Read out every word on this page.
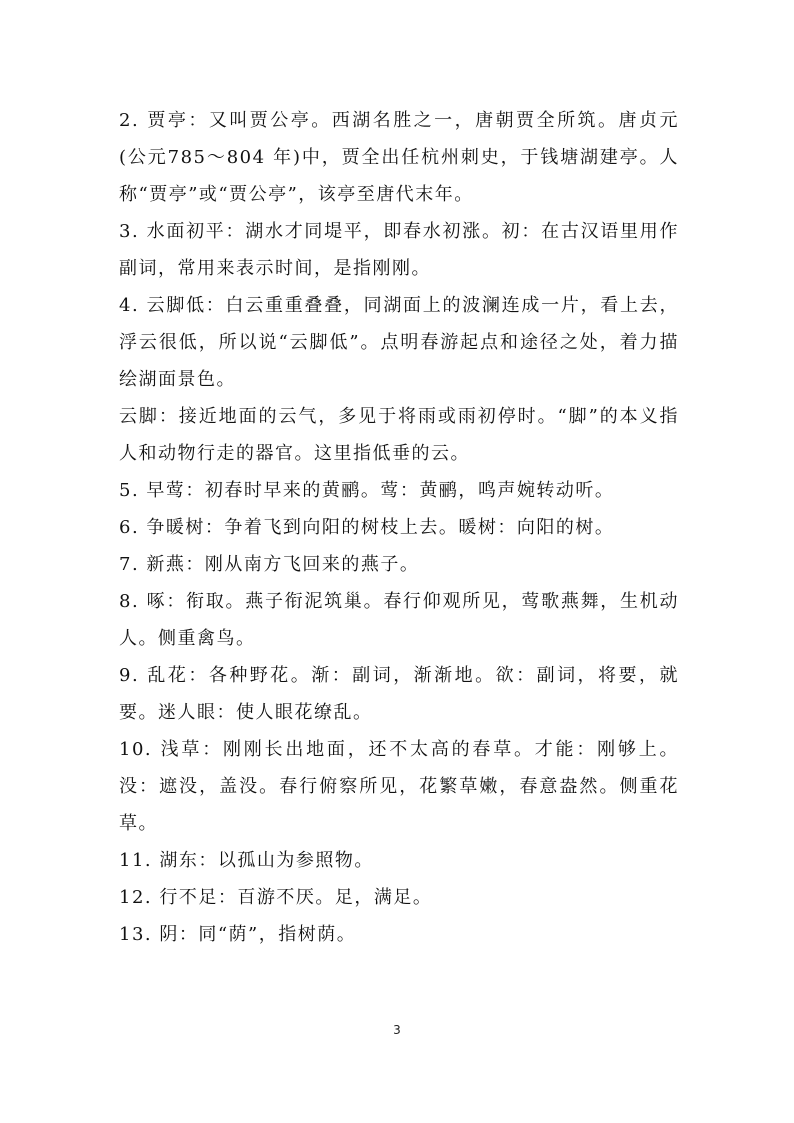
2. 贾亭：又叫贾公亭。西湖名胜之一，唐朝贾全所筑。唐贞元(公元785～804 年)中，贾全出任杭州刺史，于钱塘湖建亭。人称“贾亭”或“贾公亭”，该亭至唐代末年。

3. 水面初平：湖水才同堤平，即春水初涨。初：在古汉语里用作副词，常用来表示时间，是指刚刚。

4. 云脚低：白云重重叠叠，同湖面上的波澜连成一片，看上去，浮云很低，所以说“云脚低”。点明春游起点和途径之处，着力描绘湖面景色。

云脚：接近地面的云气，多见于将雨或雨初停时。“脚”的本义指人和动物行走的器官。这里指低垂的云。

5. 早莺：初春时早来的黄鹂。莺：黄鹂，鸣声婉转动听。

6. 争暖树：争着飞到向阳的树枝上去。暖树：向阳的树。

7. 新燕：刚从南方飞回来的燕子。

8. 啄：衔取。燕子衔泥筑巢。春行仰观所见，莺歌燕舞，生机动人。侧重禽鸟。

9. 乱花：各种野花。渐：副词，渐渐地。欲：副词，将要，就要。迷人眼：使人眼花缭乱。

10. 浅草：刚刚长出地面，还不太高的春草。才能：刚够上。没：遮没，盖没。春行俯察所见，花繁草嫩，春意盎然。侧重花草。

11. 湖东：以孤山为参照物。

12. 行不足：百游不厌。足，满足。

13. 阴：同“荫”，指树荫。

3
